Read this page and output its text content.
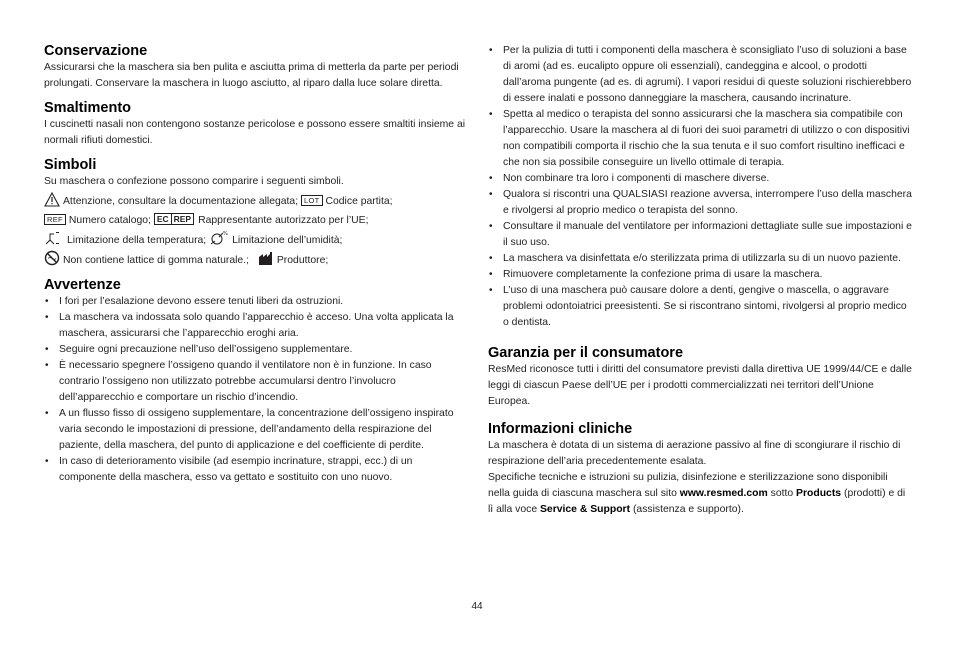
Conservazione

Assicurarsi che la maschera sia ben pulita e asciutta prima di metterla da parte per periodi prolungati. Conservare la maschera in luogo asciutto, al riparo dalla luce solare diretta.

Smaltimento

I cuscinetti nasali non contengono sostanze pericolose e possono essere smaltiti insieme ai normali rifiuti domestici.

Simboli

Su maschera o confezione possono comparire i seguenti simboli.

Attenzione, consultare la documentazione allegata; LOT Codice partita;
REF Numero catalogo; EC REP Rappresentante autorizzato per l’UE;
Limitazione della temperatura;
%
Limitazione dell’umidità;
Non contiene lattice di gomma naturale.;	Produttore;
Avvertenze
• I fori per l’esalazione devono essere tenuti liberi da ostruzioni.
• La maschera va indossata solo quando l’apparecchio è acceso. Una volta applicata la maschera, assicurarsi che l’apparecchio eroghi aria.
• Seguire ogni precauzione nell’uso dell’ossigeno supplementare.
• È necessario spegnere l’ossigeno quando il ventilatore non è in funzione. In caso contrario l’ossigeno non utilizzato potrebbe accumularsi dentro l’involucro dell’apparecchio e comportare un rischio d’incendio.
• A un flusso fisso di ossigeno supplementare, la concentrazione dell’ossigeno inspirato varia secondo le impostazioni di pressione, dell’andamento della respirazione del paziente, della maschera, del punto di applicazione e del coefficiente di perdite.
• In caso di deterioramento visibile (ad esempio incrinature, strappi, ecc.) di un componente della maschera, esso va gettato e sostituito con uno nuovo.
• Per la pulizia di tutti i componenti della maschera è sconsigliato l’uso di soluzioni a base di aromi (ad es. eucalipto oppure oli essenziali), candeggina e alcool, o prodotti dall’aroma pungente (ad es. di agrumi). I vapori residui di queste soluzioni rischierebbero di essere inalati e possono danneggiare la maschera, causando incrinature.
• Spetta al medico o terapista del sonno assicurarsi che la maschera sia compatibile con l’apparecchio. Usare la maschera al di fuori dei suoi parametri di utilizzo o con dispositivi non compatibili comporta il rischio che la sua tenuta e il suo comfort risultino inefficaci e che non sia possibile conseguire un livello ottimale di terapia.
• Non combinare tra loro i componenti di maschere diverse.
• Qualora si riscontri una QUALSIASI reazione avversa, interrompere l’uso della maschera e rivolgersi al proprio medico o terapista del sonno.
• Consultare il manuale del ventilatore per informazioni dettagliate sulle sue impostazioni e il suo uso.
• La maschera va disinfettata e/o sterilizzata prima di utilizzarla su di un nuovo paziente.
• Rimuovere completamente la confezione prima di usare la maschera.
• L’uso di una maschera può causare dolore a denti, gengive o mascella, o aggravare problemi odontoiatrici preesistenti. Se si riscontrano sintomi, rivolgersi al proprio medico o dentista.
Garanzia per il consumatore

ResMed riconosce tutti i diritti del consumatore previsti dalla direttiva UE 1999/44/CE e dalle leggi di ciascun Paese dell’UE per i prodotti commercializzati nei territori dell’Unione Europea.

Informazioni cliniche

La maschera è dotata di un sistema di aerazione passivo al fine di scongiurare il rischio di respirazione dell’aria precedentemente esalata.

Specifiche tecniche e istruzioni su pulizia, disinfezione e sterilizzazione sono disponibili nella guida di ciascuna maschera sul sito www.resmed.com sotto Products (prodotti) e di lì alla voce Service & Support (assistenza e supporto).

44
